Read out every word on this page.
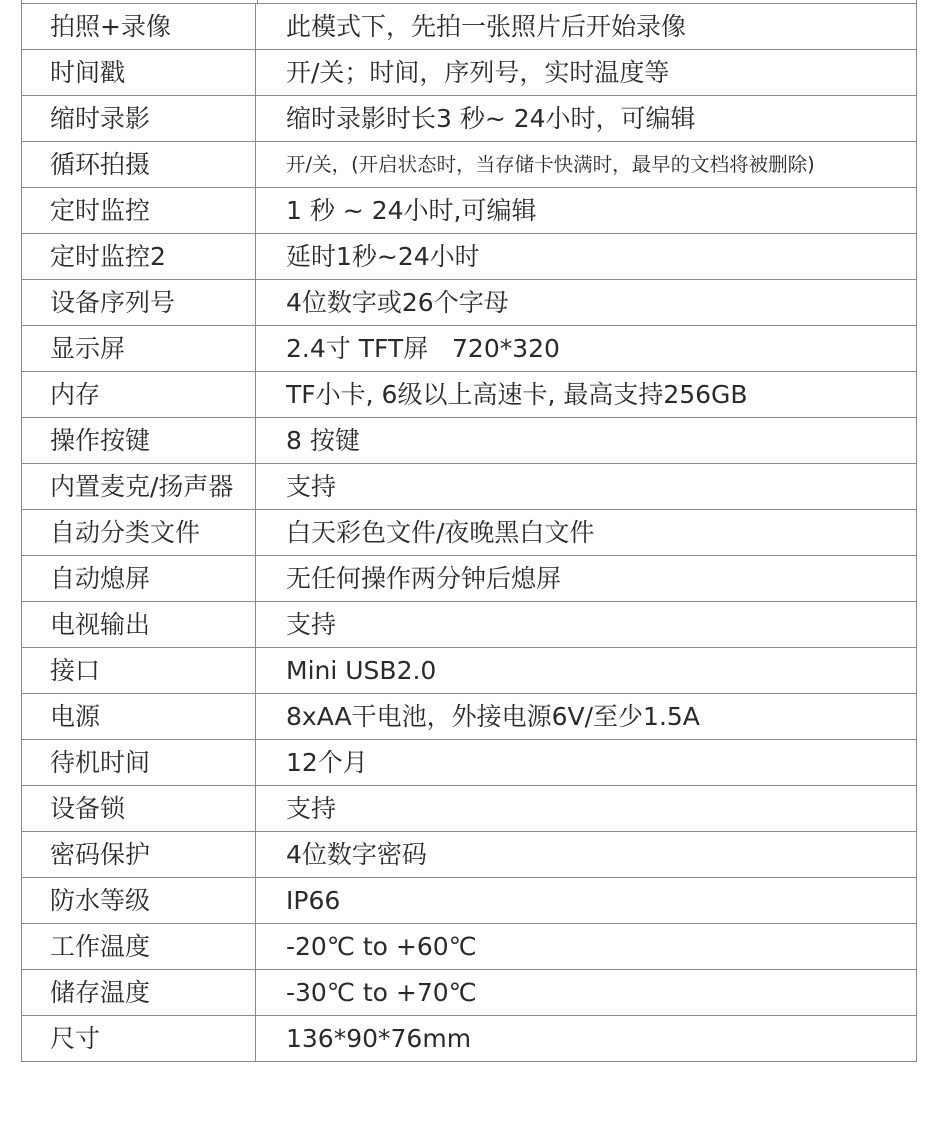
拍照+录像	此模式下，先拍一张照片后开始录像
时间戳	开/关；时间，序列号，实时温度等
缩时录影	缩时录影时长3 秒~ 24小时，可编辑
循环拍摄	开/关，(开启状态时，当存储卡快满时，最早的文档将被删除)
定时监控	1 秒 ~ 24小时,可编辑
定时监控2	延时1秒~24小时
设备序列号	4位数字或26个字母
显示屏	2.4寸 TFT屏   720*320
内存	TF小卡, 6级以上高速卡, 最高支持256GB
操作按键	8 按键
内置麦克/扬声器	支持
自动分类文件	白天彩色文件/夜晚黑白文件
自动熄屏	无任何操作两分钟后熄屏
电视输出	支持
接口	Mini USB2.0
电源	8xAA干电池，外接电源6V/至少1.5A
待机时间	12个月
设备锁	支持
密码保护	4位数字密码
防水等级	IP66
工作温度	-20℃ to +60℃
储存温度	-30℃ to +70℃
尺寸	136*90*76mm
